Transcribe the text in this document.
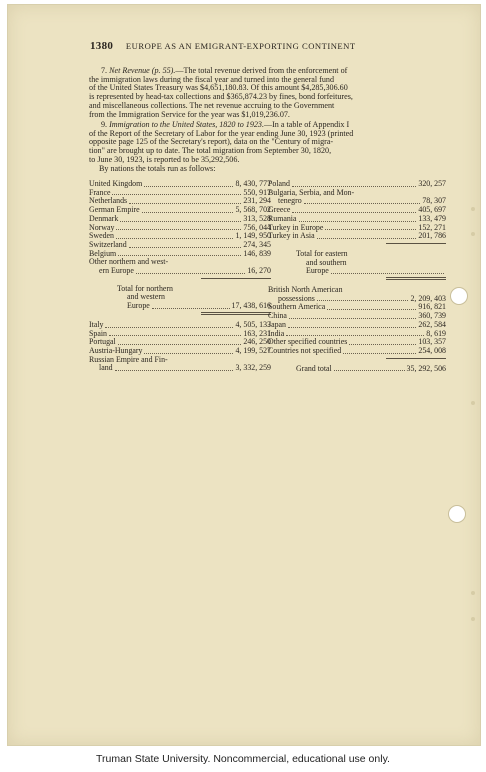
1380 EUROPE AS AN EMIGRANT-EXPORTING CONTINENT

7. Net Revenue (p. 55).—The total revenue derived from the enforcement of

the immigration laws during the fiscal year and turned into the general fund

of the United States Treasury was $4,651,180.83. Of this amount $4,285,306.60

is represented by head-tax collections and $365,874.23 by fines, bond forfeitures,

and miscellaneous collections. The net revenue accruing to the Government

from the Immigration Service for the year was $1,019,236.07.

9. Immigration to the United States, 1820 to 1923.—In a table of Appendix I

of the Report of the Secretary of Labor for the year ending June 30, 1923 (printed

opposite page 125 of the Secretary's report), data on the "Century of migra-

tion" are brought up to date. The total migration from September 30, 1820,

to June 30, 1923, is reported to be 35,292,506.

By nations the totals run as follows:

United Kingdom	8, 430, 777
France	550, 917
Netherlands	231, 294
German Empire	5, 568, 702
Denmark	313, 528
Norway	756, 044
Sweden	1, 149, 950
Switzerland	274, 345
Belgium	146, 839
Other northern and west-
ern Europe	16, 270
Total for northern
and western
Europe	17, 438, 616
Italy	4, 505, 133
Spain	163, 231
Portugal	246, 250
Austria-Hungary	4, 199, 527
Russian Empire and Fin-
land	3, 332, 259
Poland	320, 257
Bulgaria, Serbia, and Mon-
tenegro	78, 307
Greece	405, 697
Rumania	133, 479
Turkey in Europe	152, 271
Turkey in Asia	201, 786
Total for eastern
and southern
Europe
British North American
possessions	2, 209, 403
Southern America	916, 821
China	360, 739
Japan	262, 584
India	8, 619
Other specified countries	103, 357
Countries not specified	254, 008
Grand total	35, 292, 506
Truman State University. Noncommercial, educational use only.
